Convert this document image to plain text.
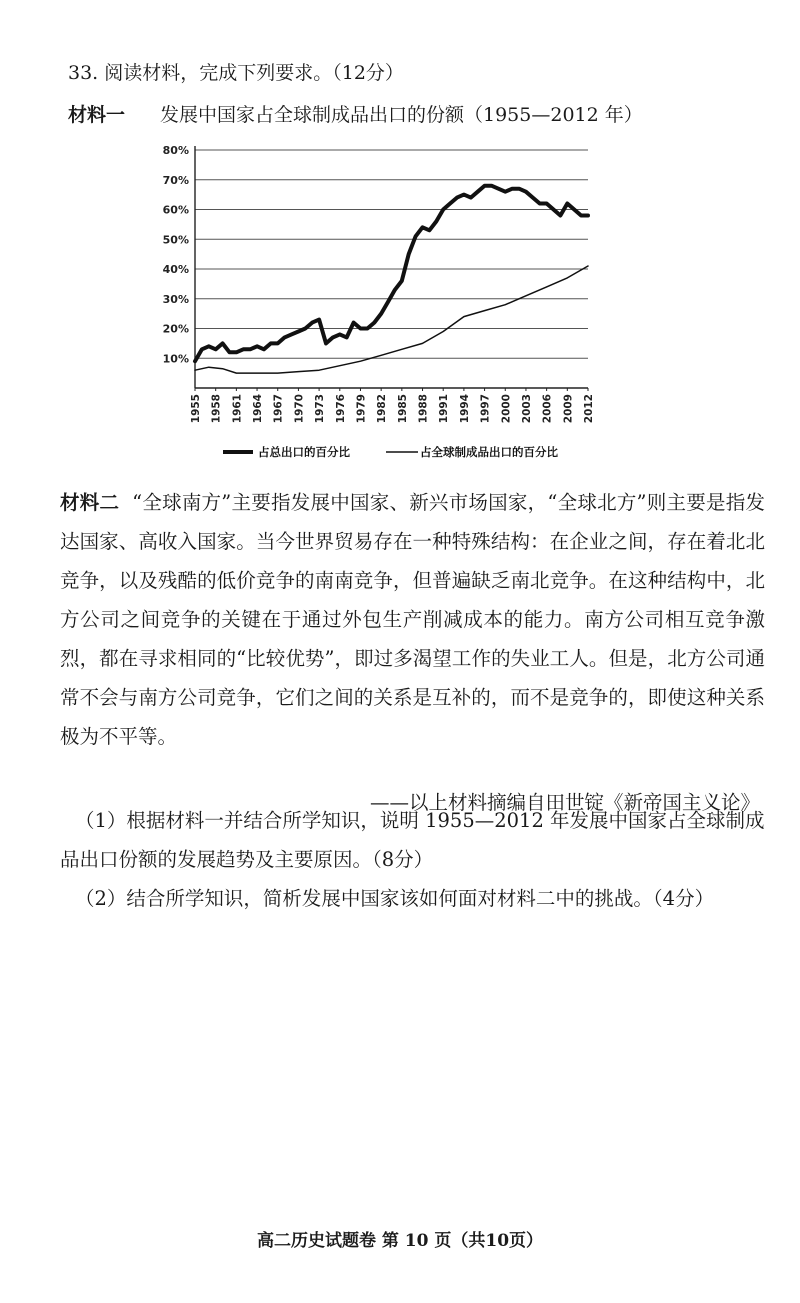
33. 阅读材料，完成下列要求。（12分）
材料一 发展中国家占全球制成品出口的份额（1955—2012 年）
10%
20%
30%
40%
50%
60%
70%
80%
1955 1958 1961 1964 1967 1970 1973 1976 1979 1982 1985 1988 1991 1994 1997 2000 2003 2006 2009 2012
占总出口的百分比	占全球制成品出口的百分比
材料二 “全球南方”主要指发展中国家、新兴市场国家，“全球北方”则主要是指发达国家、高收入国家。当今世界贸易存在一种特殊结构：在企业之间，存在着北北竞争，以及残酷的低价竞争的南南竞争，但普遍缺乏南北竞争。在这种结构中，北方公司之间竞争的关键在于通过外包生产削减成本的能力。南方公司相互竞争激烈，都在寻求相同的“比较优势”，即过多渴望工作的失业工人。但是，北方公司通常不会与南方公司竞争，它们之间的关系是互补的，而不是竞争的，即使这种关系极为不平等。
——以上材料摘编自田世锭《新帝国主义论》
（1）根据材料一并结合所学知识，说明 1955—2012 年发展中国家占全球制成品出口份额的发展趋势及主要原因。（8分）
（2）结合所学知识，简析发展中国家该如何面对材料二中的挑战。（4分）
高二历史试题卷 第 10 页（共10页）
